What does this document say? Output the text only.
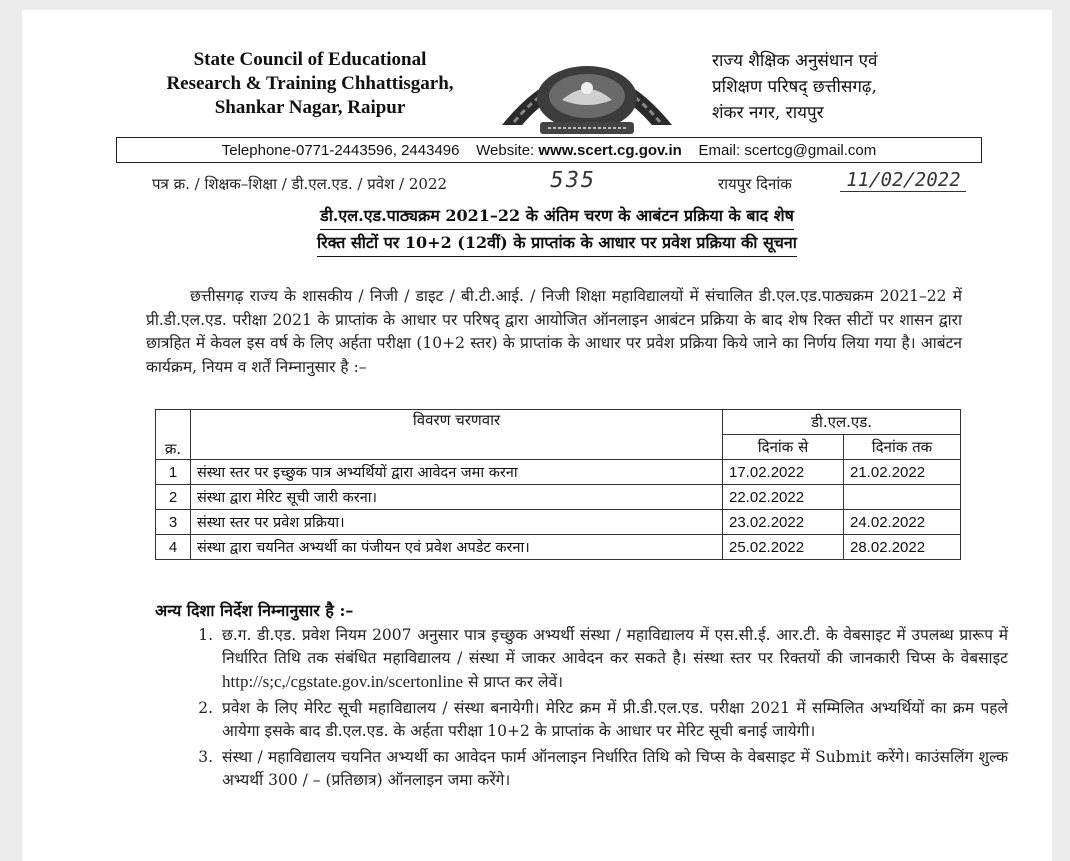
State Council of Educational
Research & Training Chhattisgarh,
Shankar Nagar, Raipur
राज्य शैक्षिक अनुसंधान एवं
प्रशिक्षण परिषद् छत्तीसगढ़,
शंकर नगर, रायपुर
Telephone-0771-2443596, 2443496 Website: www.scert.cg.gov.in Email: scertcg@gmail.com
पत्र क्र. / शिक्षक–शिक्षा / डी.एल.एड. / प्रवेश / 2022	535	रायपुर दिनांक	11/02/2022
डी.एल.एड.पाठ्यक्रम 2021–22 के अंतिम चरण के आबंटन प्रक्रिया के बाद शेष
रिक्त सीटों पर 10+2 (12वीं) के प्राप्तांक के आधार पर प्रवेश प्रक्रिया की सूचना
छत्तीसगढ़ राज्य के शासकीय / निजी / डाइट / बी.टी.आई. / निजी शिक्षा महाविद्यालयों में संचालित डी.एल.एड.पाठ्यक्रम 2021–22 में प्री.डी.एल.एड. परीक्षा 2021 के प्राप्तांक के आधार पर परिषद् द्वारा आयोजित ऑनलाइन आबंटन प्रक्रिया के बाद शेष रिक्त सीटों पर शासन द्वारा छात्रहित में केवल इस वर्ष के लिए अर्हता परीक्षा (10+2 स्तर) के प्राप्तांक के आधार पर प्रवेश प्रक्रिया किये जाने का निर्णय लिया गया है। आबंटन कार्यक्रम, नियम व शर्तें निम्नानुसार है :–
क्र.	विवरण चरणवार	डी.एल.एड.	
		दिनांक से	दिनांक तक
1	संस्था स्तर पर इच्छुक पात्र अभ्यर्थियों द्वारा आवेदन जमा करना	17.02.2022	21.02.2022
2	संस्था द्वारा मेरिट सूची जारी करना।	22.02.2022	
3	संस्था स्तर पर प्रवेश प्रक्रिया।	23.02.2022	24.02.2022
4	संस्था द्वारा चयनित अभ्यर्थी का पंजीयन एवं प्रवेश अपडेट करना।	25.02.2022	28.02.2022
अन्य दिशा निर्देश निम्नानुसार है :–
1. छ.ग. डी.एड. प्रवेश नियम 2007 अनुसार पात्र इच्छुक अभ्यर्थी संस्था / महाविद्यालय में एस.सी.ई. आर.टी. के वेबसाइट में उपलब्ध प्रारूप में निर्धारित तिथि तक संबंधित महाविद्यालय / संस्था में जाकर आवेदन कर सकते है। संस्था स्तर पर रिक्तयों की जानकारी चिप्स के वेबसाइट http://s;c,/cgstate.gov.in/scertonline से प्राप्त कर लेवें।
2. प्रवेश के लिए मेरिट सूची महाविद्यालय / संस्था बनायेगी। मेरिट क्रम में प्री.डी.एल.एड. परीक्षा 2021 में सम्मिलित अभ्यर्थियों का क्रम पहले आयेगा इसके बाद डी.एल.एड. के अर्हता परीक्षा 10+2 के प्राप्तांक के आधार पर मेरिट सूची बनाई जायेगी।
3. संस्था / महाविद्यालय चयनित अभ्यर्थी का आवेदन फार्म ऑनलाइन निर्धारित तिथि को चिप्स के वेबसाइट में Submit करेंगे। काउंसलिंग शुल्क अभ्यर्थी 300 / – (प्रतिछात्र) ऑनलाइन जमा करेंगे।
